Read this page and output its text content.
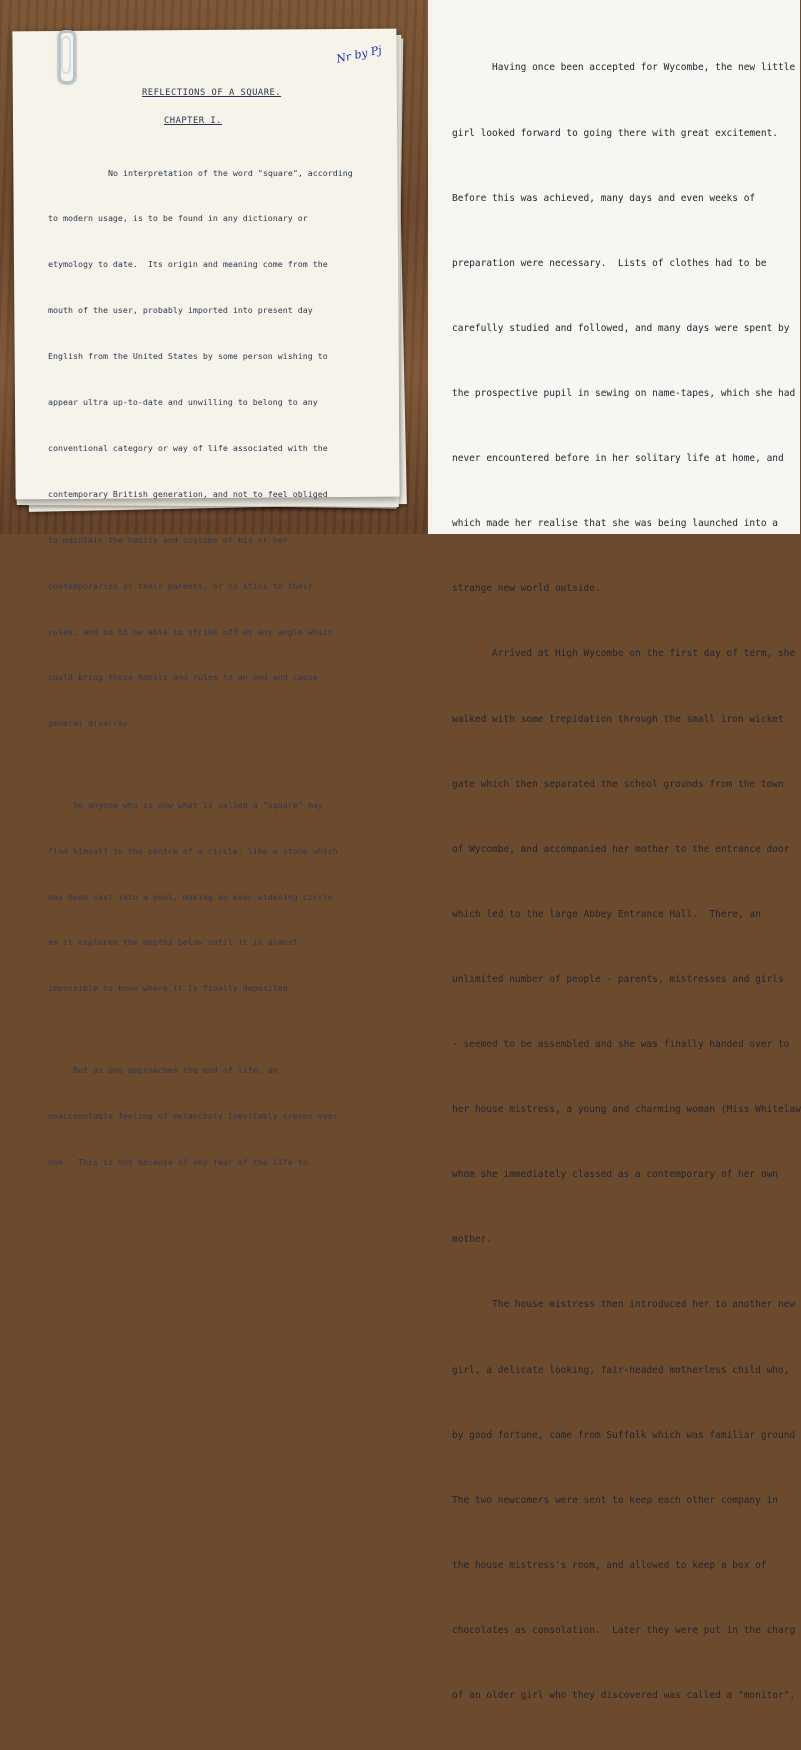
Nr by Pj
REFLECTIONS OF A SQUARE.
CHAPTER I.

No interpretation of the word "square", according

to modern usage, is to be found in any dictionary or

etymology to date.  Its origin and meaning come from the

mouth of the user, probably imported into present day

English from the United States by some person wishing to

appear ultra up-to-date and unwilling to belong to any

conventional category or way of life associated with the

contemporary British generation, and not to feel obliged

to maintain the habits and customs of his or her

contemporaries or their parents, or to stick to their

rules, and so to be able to strike off at any angle which

could bring those habits and rules to an end and cause

general disarray.

So anyone who is now what is called a "square" may

find himself in the centre of a circle, like a stone which

has been cast into a pool, making an ever-widening circle

as it explores the depths below until it is almost

impossible to know where it is finally deposited.

But as one approaches the end of life, an

unaccountable feeling of melancholy inevitably creeps over

one.  This is not because of any fear of the life to

Having once been accepted for Wycombe, the new little

girl looked forward to going there with great excitement.

Before this was achieved, many days and even weeks of

preparation were necessary.  Lists of clothes had to be

carefully studied and followed, and many days were spent by

the prospective pupil in sewing on name-tapes, which she had

never encountered before in her solitary life at home, and

which made her realise that she was being launched into a

strange new world outside.

Arrived at High Wycombe on the first day of term, she

walked with some trepidation through the small iron wicket

gate which then separated the school grounds from the town

of Wycombe, and accompanied her mother to the entrance door

which led to the large Abbey Entrance Hall.  There, an

unlimited number of people - parents, mistresses and girls

- seemed to be assembled and she was finally handed over to

her house mistress, a young and charming woman (Miss Whitelaw

whom she immediately classed as a contemporary of her own

mother.

The house mistress then introduced her to another new

girl, a delicate looking, fair-headed motherless child who,

by good fortune, came from Suffolk which was familiar ground

The two newcomers were sent to keep each other company in

the house mistress's room, and allowed to keep a box of

chocolates as consolation.  Later they were put in the charg

of an older girl who they discovered was called a "monitor",
